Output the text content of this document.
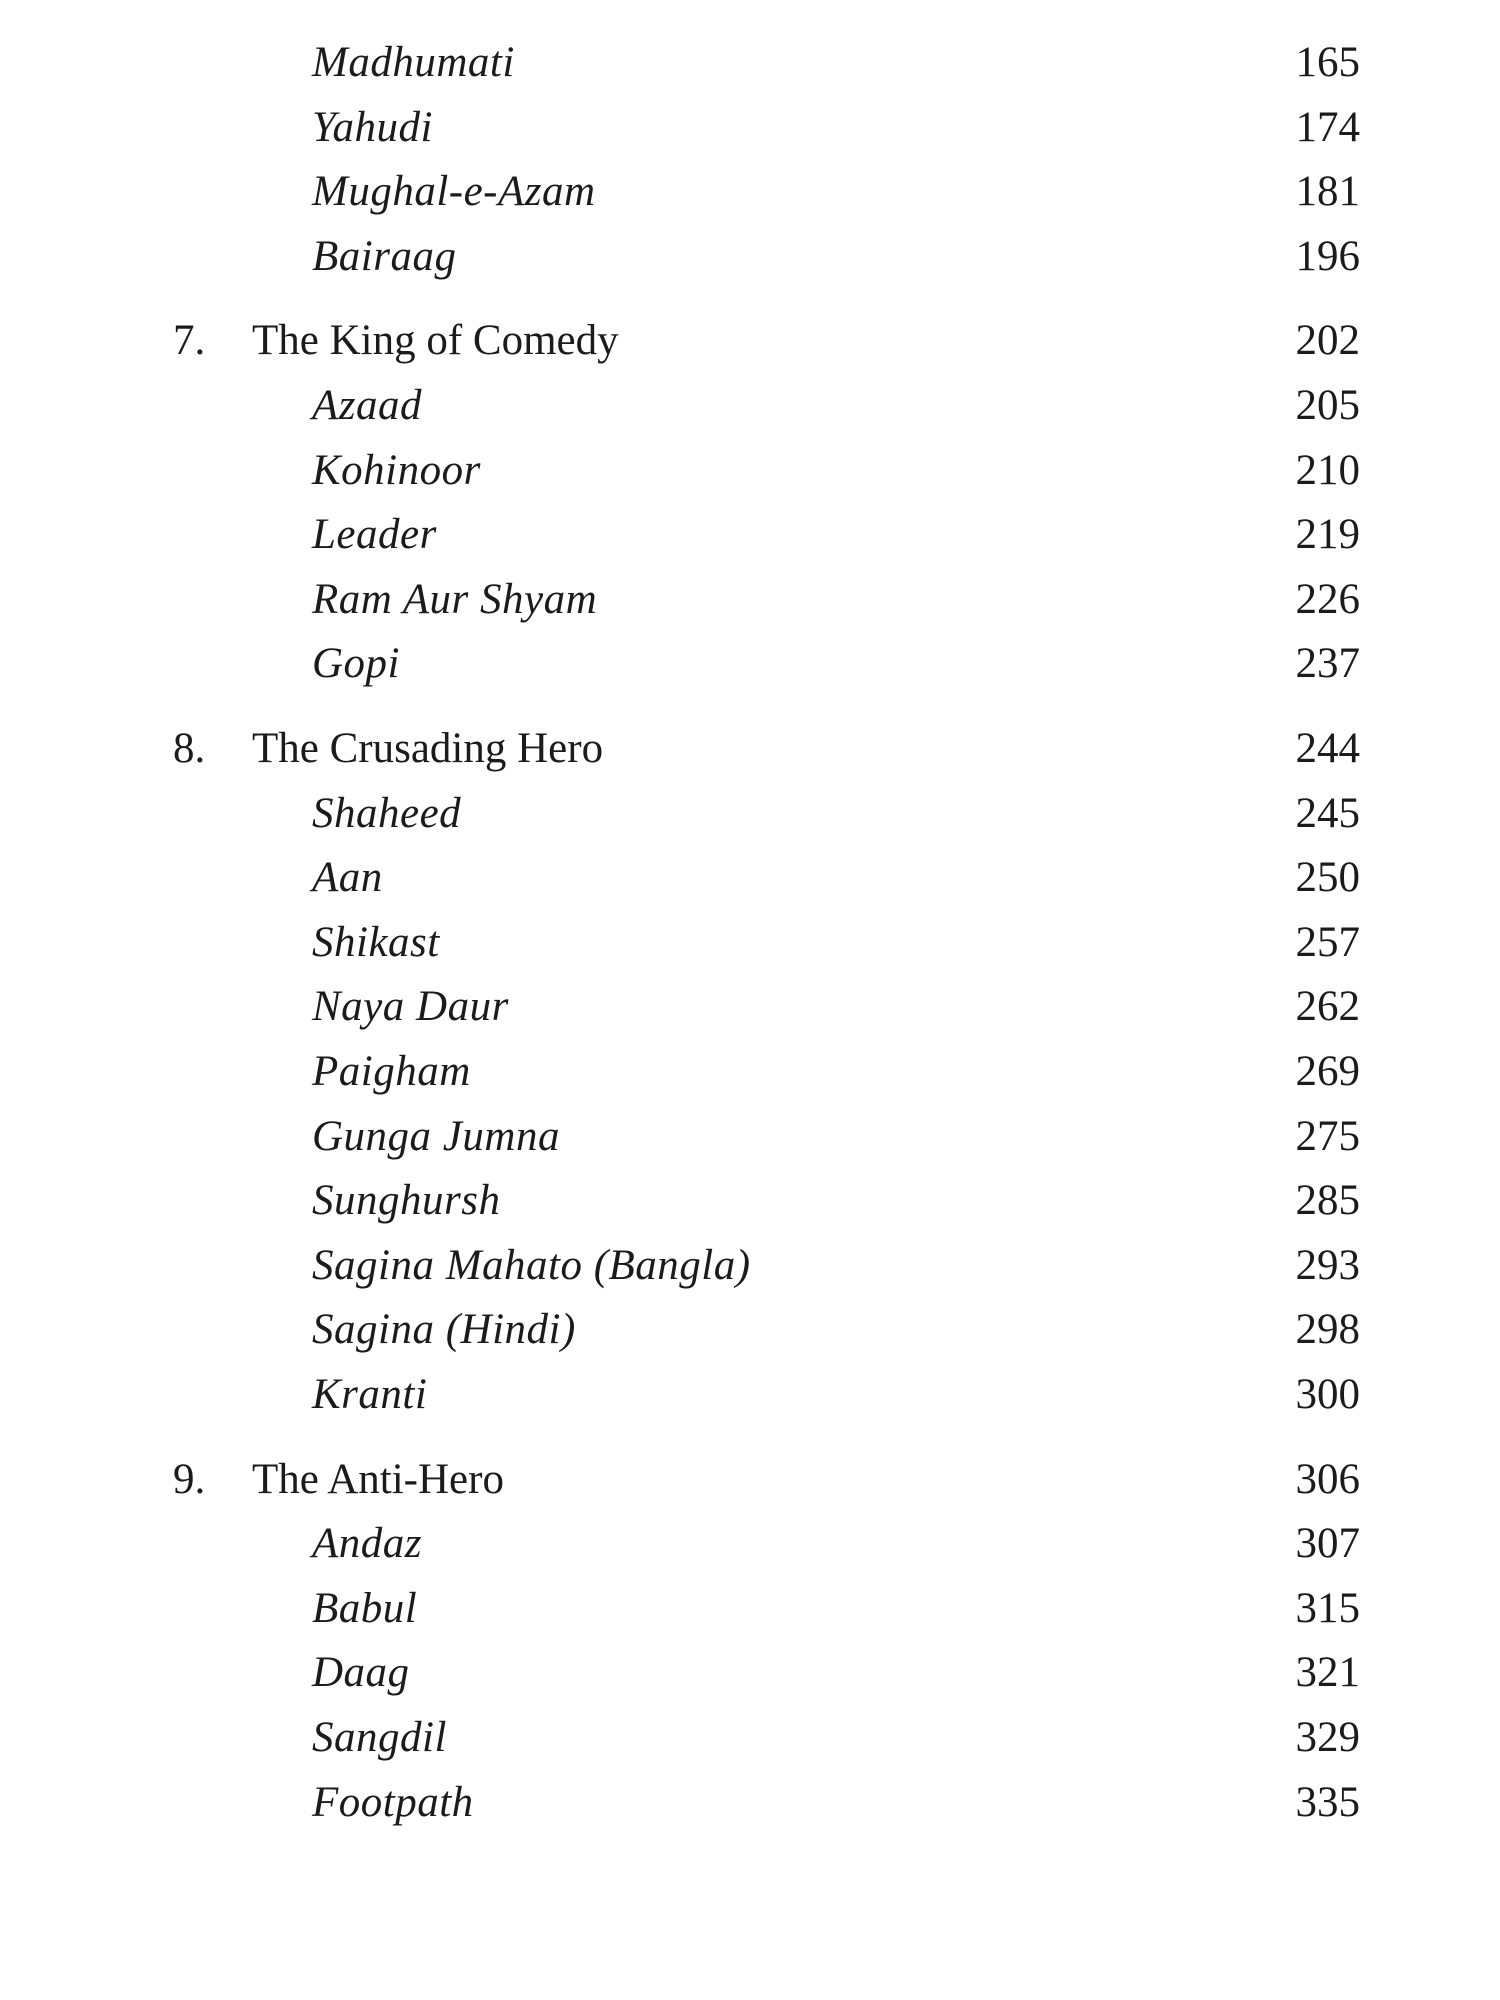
Madhumati	165
Yahudi	174
Mughal-e-Azam	181
Bairaag	196
7. The King of Comedy	202
Azaad	205
Kohinoor	210
Leader	219
Ram Aur Shyam	226
Gopi	237
8. The Crusading Hero	244
Shaheed	245
Aan	250
Shikast	257
Naya Daur	262
Paigham	269
Gunga Jumna	275
Sunghursh	285
Sagina Mahato (Bangla)	293
Sagina (Hindi)	298
Kranti	300
9. The Anti-Hero	306
Andaz	307
Babul	315
Daag	321
Sangdil	329
Footpath	335
